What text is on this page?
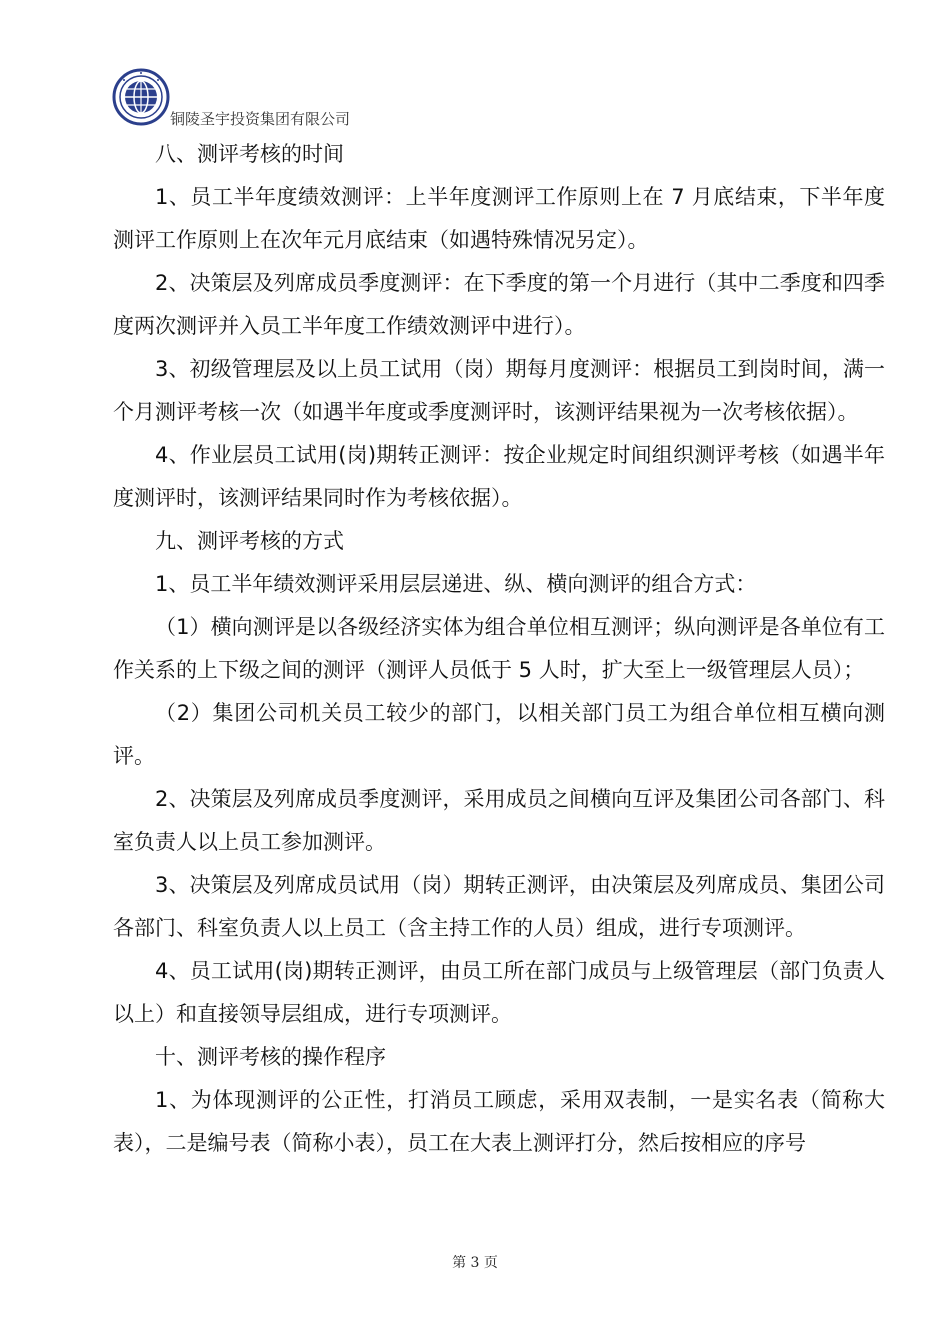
铜陵圣宇投资集团有限公司

八、测评考核的时间

1、员工半年度绩效测评：上半年度测评工作原则上在 7 月底结束，下半年度测评工作原则上在次年元月底结束（如遇特殊情况另定）。

2、决策层及列席成员季度测评：在下季度的第一个月进行（其中二季度和四季度两次测评并入员工半年度工作绩效测评中进行）。

3、初级管理层及以上员工试用（岗）期每月度测评：根据员工到岗时间，满一个月测评考核一次（如遇半年度或季度测评时，该测评结果视为一次考核依据）。

4、作业层员工试用(岗)期转正测评：按企业规定时间组织测评考核（如遇半年度测评时，该测评结果同时作为考核依据）。

九、测评考核的方式

1、员工半年绩效测评采用层层递进、纵、横向测评的组合方式：

（1）横向测评是以各级经济实体为组合单位相互测评；纵向测评是各单位有工作关系的上下级之间的测评（测评人员低于 5 人时，扩大至上一级管理层人员）；

（2）集团公司机关员工较少的部门，以相关部门员工为组合单位相互横向测评。

2、决策层及列席成员季度测评，采用成员之间横向互评及集团公司各部门、科室负责人以上员工参加测评。

3、决策层及列席成员试用（岗）期转正测评，由决策层及列席成员、集团公司各部门、科室负责人以上员工（含主持工作的人员）组成，进行专项测评。

4、员工试用(岗)期转正测评，由员工所在部门成员与上级管理层（部门负责人以上）和直接领导层组成，进行专项测评。

十、测评考核的操作程序

1、为体现测评的公正性，打消员工顾虑，采用双表制，一是实名表（简称大表），二是编号表（简称小表），员工在大表上测评打分，然后按相应的序号

第 3 页
